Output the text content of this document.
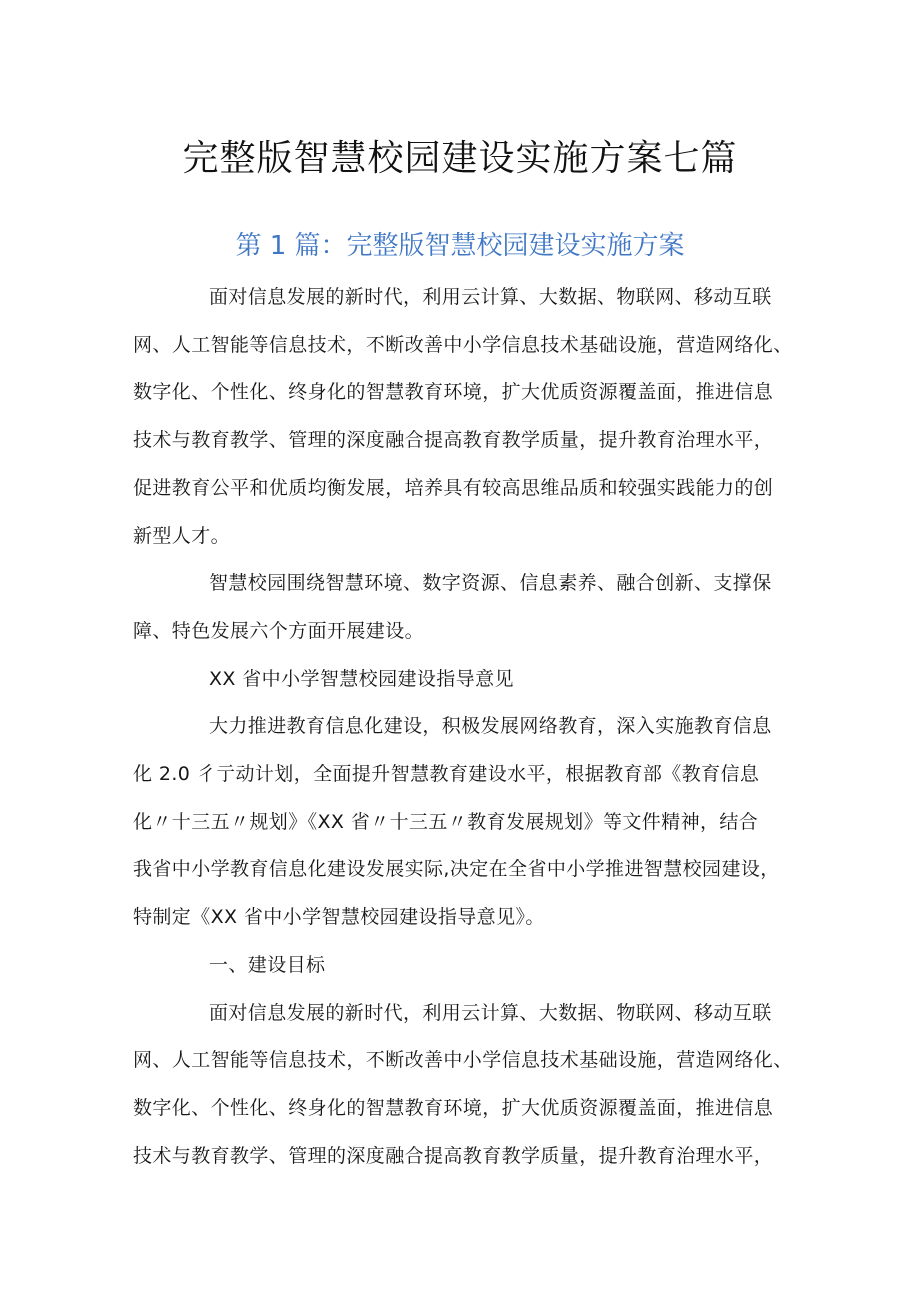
完整版智慧校园建设实施方案七篇
第 1 篇：完整版智慧校园建设实施方案

面对信息发展的新时代，利用云计算、大数据、物联网、移动互联
网、人工智能等信息技术，不断改善中小学信息技术基础设施，营造网络化、
数字化、个性化、终身化的智慧教育环境，扩大优质资源覆盖面，推进信息
技术与教育教学、管理的深度融合提高教育教学质量，提升教育治理水平，
促进教育公平和优质均衡发展，培养具有较高思维品质和较强实践能力的创
新型人才。

智慧校园围绕智慧环境、数字资源、信息素养、融合创新、支撑保
障、特色发展六个方面开展建设。

XX 省中小学智慧校园建设指导意见

大力推进教育信息化建设，积极发展网络教育，深入实施教育信息
化 2.0 彳亍动计划，全面提升智慧教育建设水平，根据教育部《教育信息
化〃十三五〃规划》《XX 省〃十三五〃教育发展规划》等文件精神，结合
我省中小学教育信息化建设发展实际,决定在全省中小学推进智慧校园建设，
特制定《XX 省中小学智慧校园建设指导意见》。

一、建设目标

面对信息发展的新时代，利用云计算、大数据、物联网、移动互联
网、人工智能等信息技术，不断改善中小学信息技术基础设施，营造网络化、
数字化、个性化、终身化的智慧教育环境，扩大优质资源覆盖面，推进信息
技术与教育教学、管理的深度融合提高教育教学质量，提升教育治理水平，
